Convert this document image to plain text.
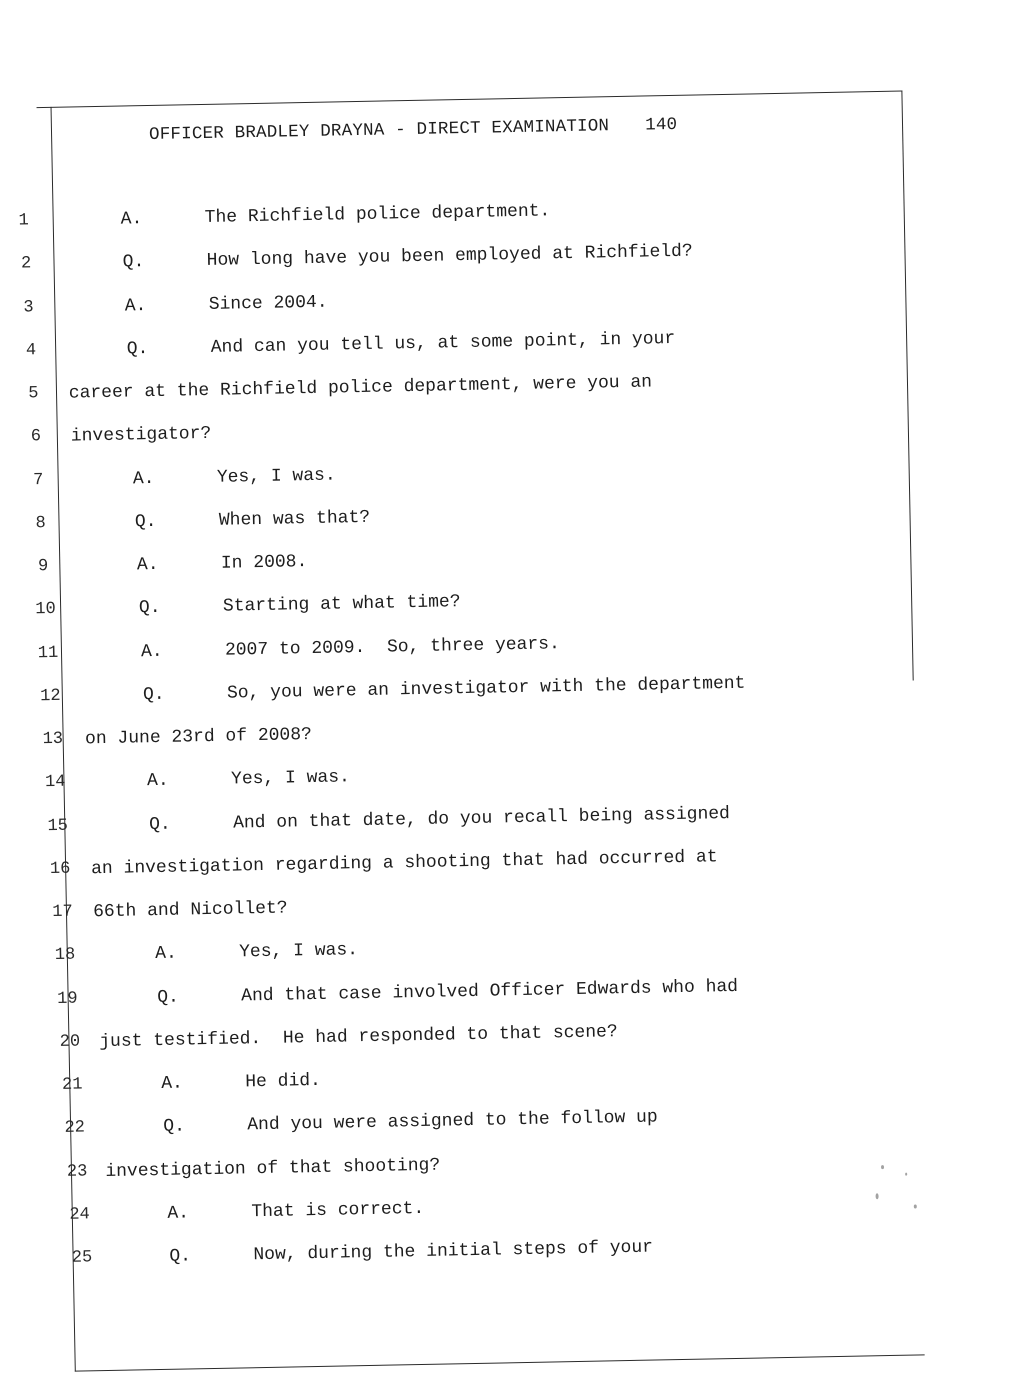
OFFICER BRADLEY DRAYNA - DIRECT EXAMINATION 140
1	A.	The Richfield police department.
2	Q.	How long have you been employed at Richfield?
3	A.	Since 2004.
4	Q.	And can you tell us, at some point, in your
5	career at the Richfield police department, were you an
6	investigator?
7	A.	Yes, I was.
8	Q.	When was that?
9	A.	In 2008.
10	Q.	Starting at what time?
11	A.	2007 to 2009.  So, three years.
12	Q.	So, you were an investigator with the department
13	on June 23rd of 2008?
14	A.	Yes, I was.
15	Q.	And on that date, do you recall being assigned
16	an investigation regarding a shooting that had occurred at
17	66th and Nicollet?
18	A.	Yes, I was.
19	Q.	And that case involved Officer Edwards who had
20	just testified.  He had responded to that scene?
21	A.	He did.
22	Q.	And you were assigned to the follow up
23 investigation of that shooting?
24	A.	That is correct.
25	Q.	Now, during the initial steps of your
